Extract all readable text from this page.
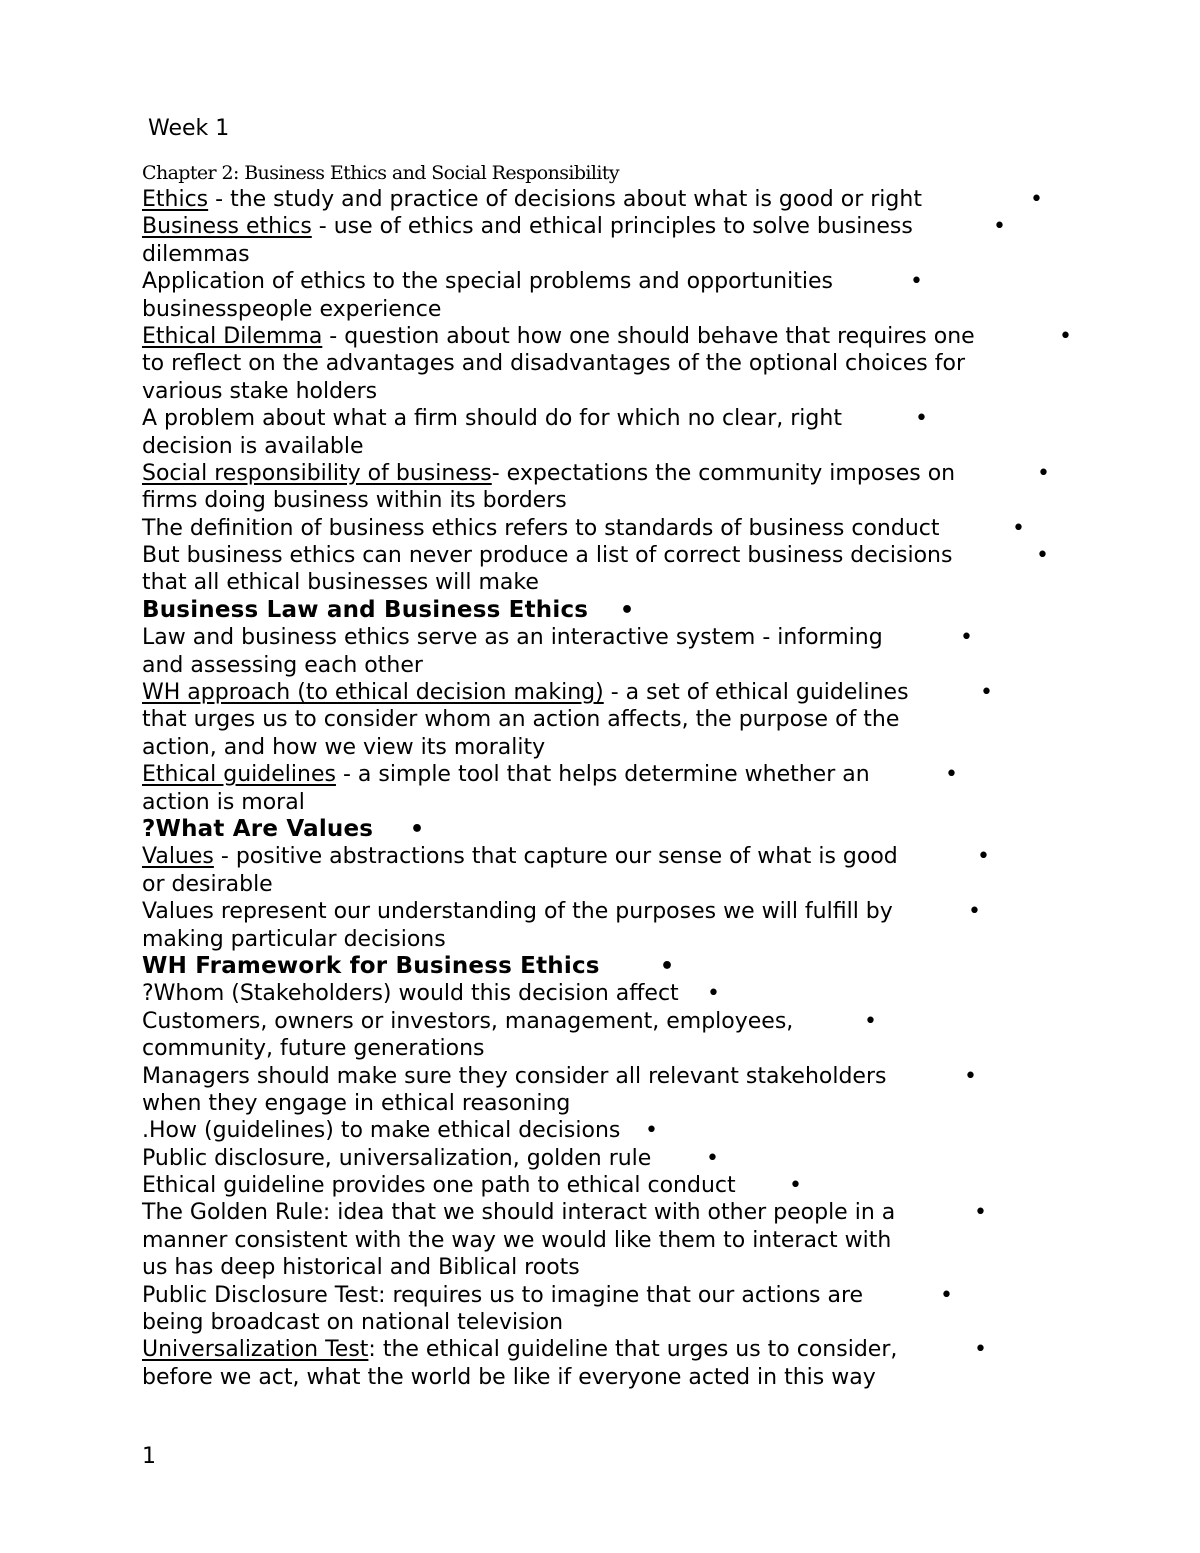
Week 1
Chapter 2: Business Ethics and Social Responsibility
Ethics - the study and practice of decisions about what is good or right	•
Business ethics - use of ethics and ethical principles to solve business
dilemmas
•
Application of ethics to the special problems and opportunities
businesspeople experience
•
Ethical Dilemma - question about how one should behave that requires one
to reflect on the advantages and disadvantages of the optional choices for
various stake holders
•
A problem about what a firm should do for which no clear, right
decision is available
•
Social responsibility of business- expectations the community imposes on
firms doing business within its borders
•
The definition of business ethics refers to standards of business conduct	•
But business ethics can never produce a list of correct business decisions
that all ethical businesses will make
•
Business Law and Business Ethics	•
Law and business ethics serve as an interactive system - informing
and assessing each other
•
WH approach (to ethical decision making) - a set of ethical guidelines
that urges us to consider whom an action affects, the purpose of the
action, and how we view its morality
•
Ethical guidelines - a simple tool that helps determine whether an
action is moral
•
?What Are Values	•
Values - positive abstractions that capture our sense of what is good
or desirable
•
Values represent our understanding of the purposes we will fulfill by
making particular decisions
•
WH Framework for Business Ethics	•
?Whom (Stakeholders) would this decision affect	•
Customers, owners or investors, management, employees,
community, future generations
•
Managers should make sure they consider all relevant stakeholders
when they engage in ethical reasoning
•
.How (guidelines) to make ethical decisions	•
Public disclosure, universalization, golden rule	•
Ethical guideline provides one path to ethical conduct	•
The Golden Rule: idea that we should interact with other people in a
manner consistent with the way we would like them to interact with
us has deep historical and Biblical roots
•
Public Disclosure Test: requires us to imagine that our actions are
being broadcast on national television
•
Universalization Test: the ethical guideline that urges us to consider,
before we act, what the world be like if everyone acted in this way
•
1
